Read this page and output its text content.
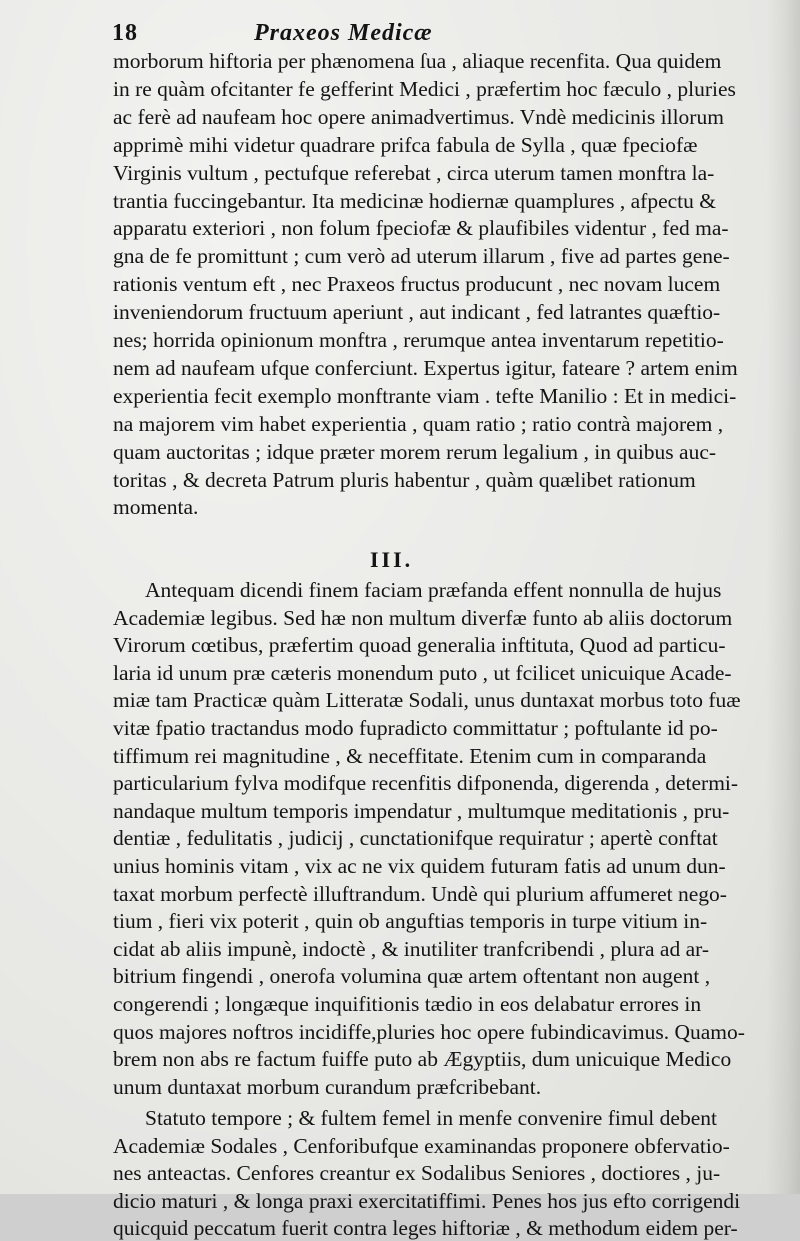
18	Praxeos Medicæ
morborum hiftoria per phænomena ſua , aliaque recenfita. Qua quidem
in re quàm ofcitanter fe gefferint Medici , præfertim hoc fæculo , pluries
ac ferè ad naufeam hoc opere animadvertimus. Vndè medicinis illorum
apprimè mihi videtur quadrare prifca fabula de Sylla , quæ fpeciofæ
Virginis vultum , pectufque referebat , circa uterum tamen monftra la-
trantia fuccingebantur. Ita medicinæ hodiernæ quamplures , afpectu &
apparatu exteriori , non folum fpeciofæ & plaufibiles videntur , fed ma-
gna de fe promittunt ; cum verò ad uterum illarum , five ad partes gene-
rationis ventum eft , nec Praxeos fructus producunt , nec novam lucem
inveniendorum fructuum aperiunt , aut indicant , fed latrantes quæftio-
nes; horrida opinionum monftra , rerumque antea inventarum repetitio-
nem ad naufeam ufque conferciunt. Expertus igitur, fateare ? artem enim
experientia fecit exemplo monftrante viam . tefte Manilio : Et in medici-
na majorem vim habet experientia , quam ratio ; ratio contrà majorem ,
quam auctoritas ; idque præter morem rerum legalium , in quibus auc-
toritas , & decreta Patrum pluris habentur , quàm quælibet rationum
momenta.
III.
Antequam dicendi finem faciam præfanda effent nonnulla de hujus
Academiæ legibus. Sed hæ non multum diverfæ funto ab aliis doctorum
Virorum cœtibus, præfertim quoad generalia inftituta, Quod ad particu-
laria id unum præ cæteris monendum puto , ut fcilicet unicuique Acade-
miæ tam Practicæ quàm Litteratæ Sodali, unus duntaxat morbus toto fuæ
vitæ fpatio tractandus modo fupradicto committatur ; poftulante id po-
tiffimum rei magnitudine , & neceffitate. Etenim cum in comparanda
particularium fylva modifque recenfitis difponenda, digerenda , determi-
nandaque multum temporis impendatur , multumque meditationis , pru-
dentiæ , fedulitatis , judicij , cunctationifque requiratur ; apertè conftat
unius hominis vitam , vix ac ne vix quidem futuram fatis ad unum dun-
taxat morbum perfectè illuftrandum. Undè qui plurium affumeret nego-
tium , fieri vix poterit , quin ob anguftias temporis in turpe vitium in-
cidat ab aliis impunè, indoctè , & inutiliter tranfcribendi , plura ad ar-
bitrium fingendi , onerofa volumina quæ artem oftentant non augent ,
congerendi ; longæque inquifitionis tædio in eos delabatur errores in
quos majores noftros incidiffe,pluries hoc opere fubindicavimus. Quamo-
brem non abs re factum fuiffe puto ab Ægyptiis, dum unicuique Medico
unum duntaxat morbum curandum præfcribebant.
Statuto tempore ; & fultem femel in menfe convenire fimul debent
Academiæ Sodales , Cenforibufque examinandas proponere obfervatio-
nes anteactas. Cenfores creantur ex Sodalibus Seniores , doctiores , ju-
dicio maturi , & longa praxi exercitatiffimi. Penes hos jus efto corrigendi
quicquid peccatum fuerit contra leges hiftoriæ , & methodum eidem per-
